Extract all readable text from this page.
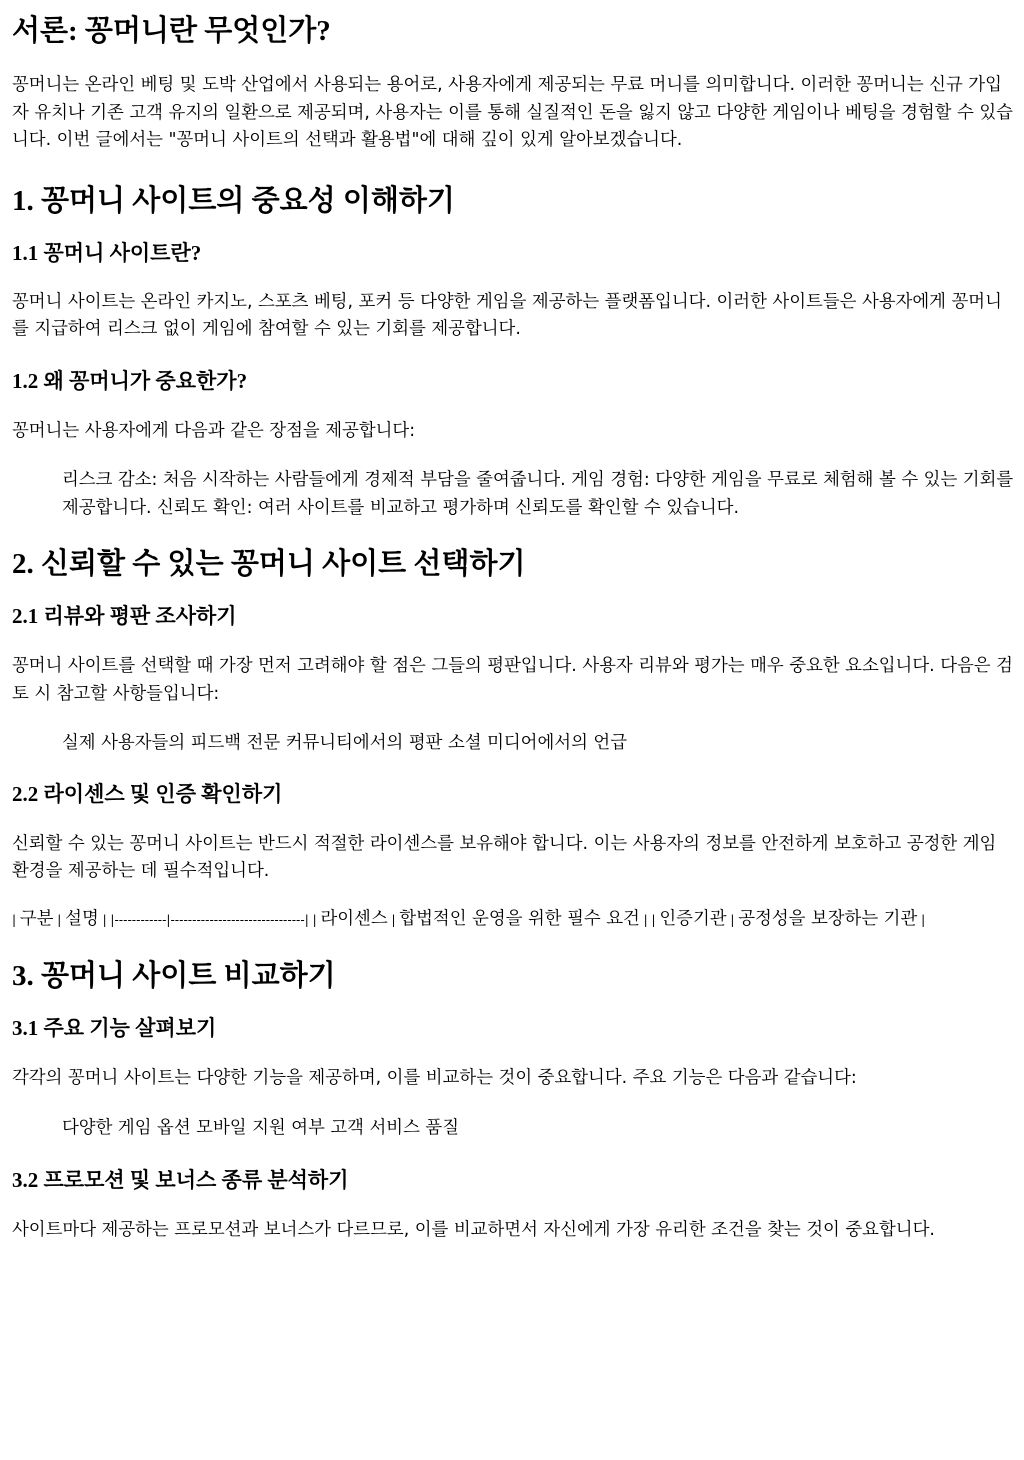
서론: 꽁머니란 무엇인가?

꽁머니는 온라인 베팅 및 도박 산업에서 사용되는 용어로, 사용자에게 제공되는 무료 머니를 의미합니다. 이러한 꽁머니는 신규 가입자 유치나 기존 고객 유지의 일환으로 제공되며, 사용자는 이를 통해 실질적인 돈을 잃지 않고 다양한 게임이나 베팅을 경험할 수 있습니다. 이번 글에서는 "꽁머니 사이트의 선택과 활용법"에 대해 깊이 있게 알아보겠습니다.

1. 꽁머니 사이트의 중요성 이해하기
1.1 꽁머니 사이트란?

꽁머니 사이트는 온라인 카지노, 스포츠 베팅, 포커 등 다양한 게임을 제공하는 플랫폼입니다. 이러한 사이트들은 사용자에게 꽁머니를 지급하여 리스크 없이 게임에 참여할 수 있는 기회를 제공합니다.

1.2 왜 꽁머니가 중요한가?

꽁머니는 사용자에게 다음과 같은 장점을 제공합니다:

리스크 감소: 처음 시작하는 사람들에게 경제적 부담을 줄여줍니다. 게임 경험: 다양한 게임을 무료로 체험해 볼 수 있는 기회를 제공합니다. 신뢰도 확인: 여러 사이트를 비교하고 평가하며 신뢰도를 확인할 수 있습니다.
2. 신뢰할 수 있는 꽁머니 사이트 선택하기
2.1 리뷰와 평판 조사하기

꽁머니 사이트를 선택할 때 가장 먼저 고려해야 할 점은 그들의 평판입니다. 사용자 리뷰와 평가는 매우 중요한 요소입니다. 다음은 검토 시 참고할 사항들입니다:

실제 사용자들의 피드백 전문 커뮤니티에서의 평판 소셜 미디어에서의 언급
2.2 라이센스 및 인증 확인하기

신뢰할 수 있는 꽁머니 사이트는 반드시 적절한 라이센스를 보유해야 합니다. 이는 사용자의 정보를 안전하게 보호하고 공정한 게임 환경을 제공하는 데 필수적입니다.

| 구분 | 설명 | |------------|-------------------------------| | 라이센스 | 합법적인 운영을 위한 필수 요건 | | 인증기관 | 공정성을 보장하는 기관 |

3. 꽁머니 사이트 비교하기
3.1 주요 기능 살펴보기

각각의 꽁머니 사이트는 다양한 기능을 제공하며, 이를 비교하는 것이 중요합니다. 주요 기능은 다음과 같습니다:

다양한 게임 옵션 모바일 지원 여부 고객 서비스 품질
3.2 프로모션 및 보너스 종류 분석하기

사이트마다 제공하는 프로모션과 보너스가 다르므로, 이를 비교하면서 자신에게 가장 유리한 조건을 찾는 것이 중요합니다.
